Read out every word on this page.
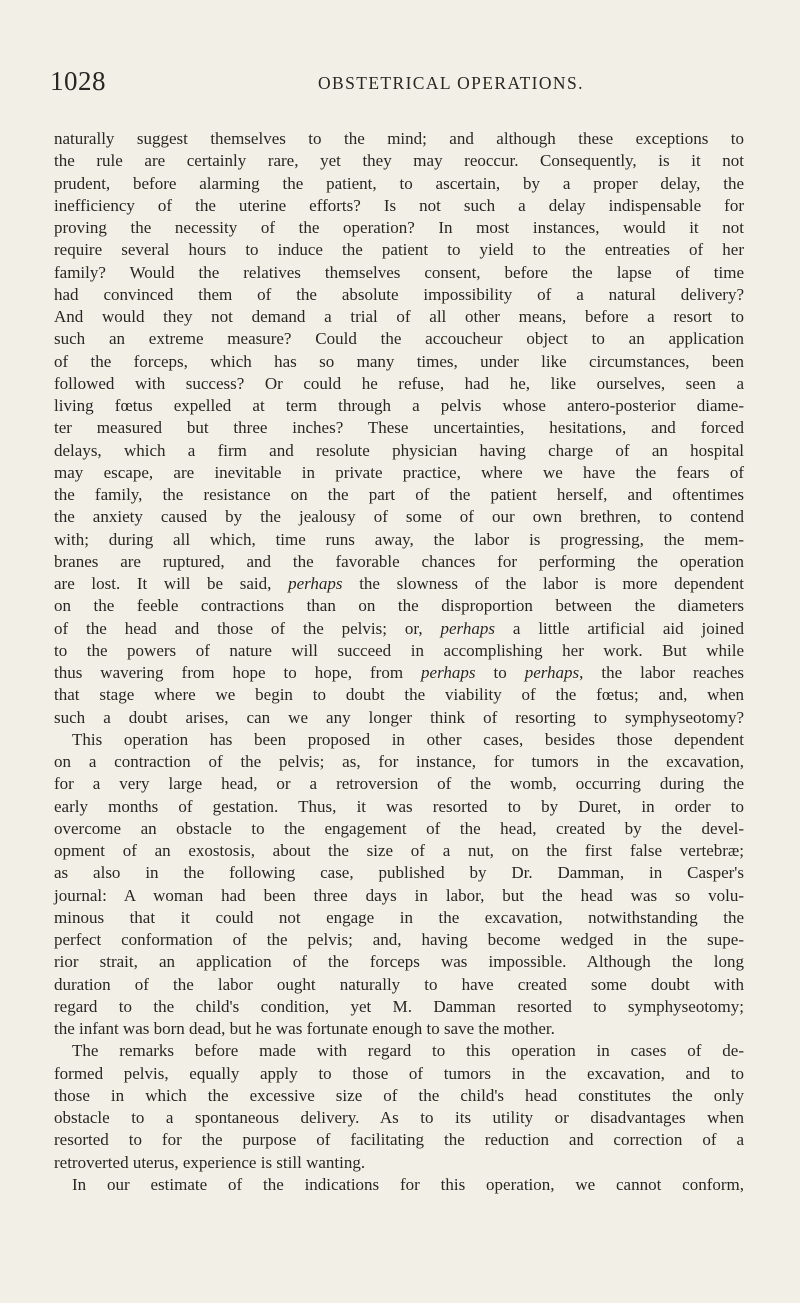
1028	OBSTETRICAL OPERATIONS.
naturally suggest themselves to the mind; and although these exceptions to
the rule are certainly rare, yet they may reoccur. Consequently, is it not
prudent, before alarming the patient, to ascertain, by a proper delay, the
inefficiency of the uterine efforts? Is not such a delay indispensable for
proving the necessity of the operation? In most instances, would it not
require several hours to induce the patient to yield to the entreaties of her
family? Would the relatives themselves consent, before the lapse of time
had convinced them of the absolute impossibility of a natural delivery?
And would they not demand a trial of all other means, before a resort to
such an extreme measure? Could the accoucheur object to an application
of the forceps, which has so many times, under like circumstances, been
followed with success? Or could he refuse, had he, like ourselves, seen a
living fœtus expelled at term through a pelvis whose antero-posterior diame-
ter measured but three inches? These uncertainties, hesitations, and forced
delays, which a firm and resolute physician having charge of an hospital
may escape, are inevitable in private practice, where we have the fears of
the family, the resistance on the part of the patient herself, and oftentimes
the anxiety caused by the jealousy of some of our own brethren, to contend
with; during all which, time runs away, the labor is progressing, the mem-
branes are ruptured, and the favorable chances for performing the operation
are lost. It will be said, perhaps the slowness of the labor is more dependent
on the feeble contractions than on the disproportion between the diameters
of the head and those of the pelvis; or, perhaps a little artificial aid joined
to the powers of nature will succeed in accomplishing her work. But while
thus wavering from hope to hope, from perhaps to perhaps, the labor reaches
that stage where we begin to doubt the viability of the fœtus; and, when
such a doubt arises, can we any longer think of resorting to symphyseotomy?
This operation has been proposed in other cases, besides those dependent
on a contraction of the pelvis; as, for instance, for tumors in the excavation,
for a very large head, or a retroversion of the womb, occurring during the
early months of gestation. Thus, it was resorted to by Duret, in order to
overcome an obstacle to the engagement of the head, created by the devel-
opment of an exostosis, about the size of a nut, on the first false vertebræ;
as also in the following case, published by Dr. Damman, in Casper's
journal: A woman had been three days in labor, but the head was so volu-
minous that it could not engage in the excavation, notwithstanding the
perfect conformation of the pelvis; and, having become wedged in the supe-
rior strait, an application of the forceps was impossible. Although the long
duration of the labor ought naturally to have created some doubt with
regard to the child's condition, yet M. Damman resorted to symphyseotomy;
the infant was born dead, but he was fortunate enough to save the mother.
The remarks before made with regard to this operation in cases of de-
formed pelvis, equally apply to those of tumors in the excavation, and to
those in which the excessive size of the child's head constitutes the only
obstacle to a spontaneous delivery. As to its utility or disadvantages when
resorted to for the purpose of facilitating the reduction and correction of a
retroverted uterus, experience is still wanting.
In our estimate of the indications for this operation, we cannot conform,
